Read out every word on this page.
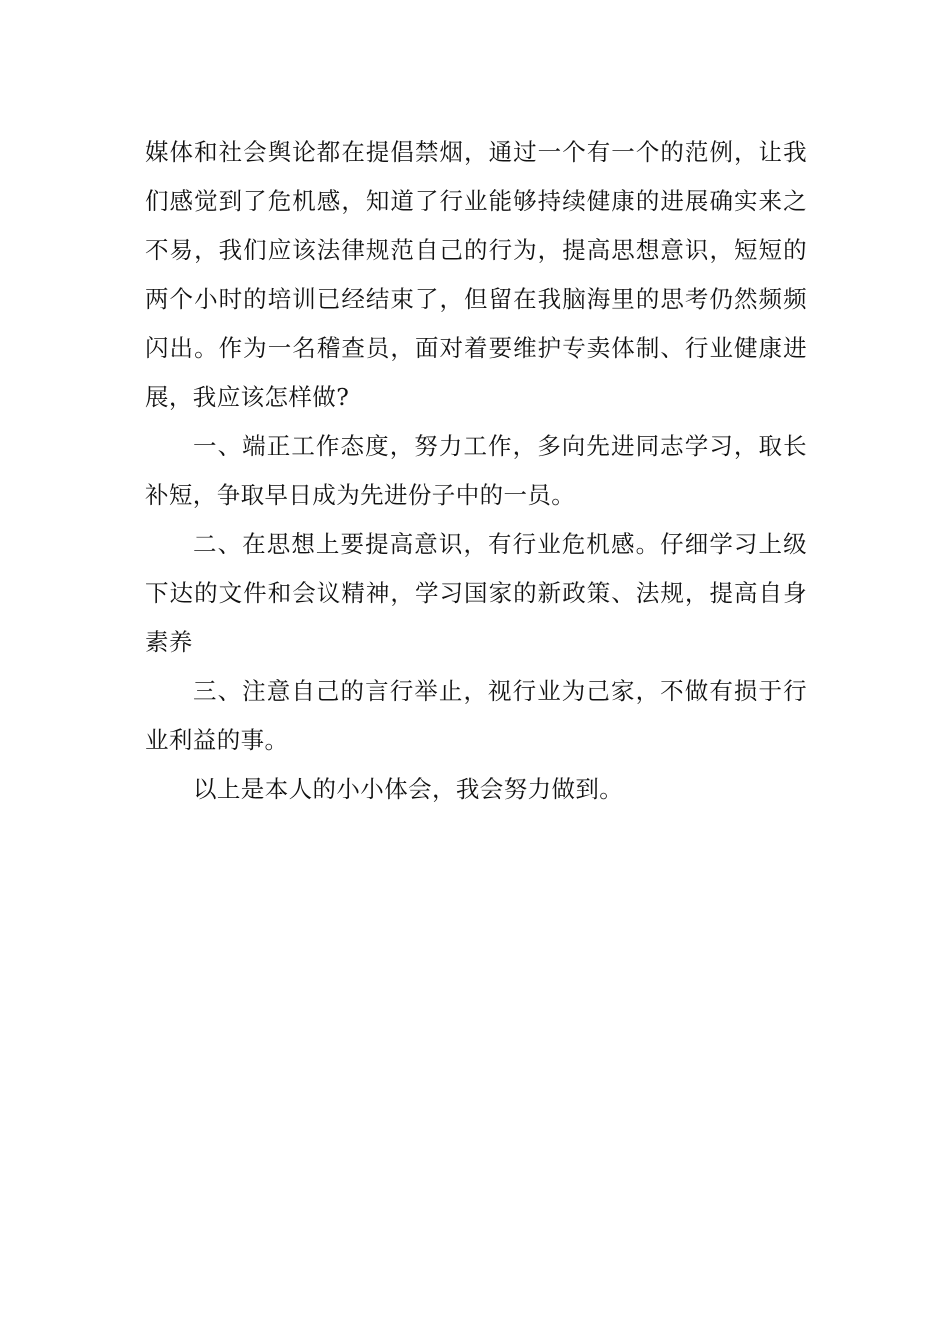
媒体和社会舆论都在提倡禁烟，通过一个有一个的范例，让我们感觉到了危机感，知道了行业能够持续健康的进展确实来之不易，我们应该法律规范自己的行为，提高思想意识，短短的两个小时的培训已经结束了，但留在我脑海里的思考仍然频频闪出。作为一名稽查员，面对着要维护专卖体制、行业健康进展，我应该怎样做?

一、端正工作态度，努力工作，多向先进同志学习，取长补短，争取早日成为先进份子中的一员。

二、在思想上要提高意识，有行业危机感。仔细学习上级下达的文件和会议精神，学习国家的新政策、法规，提高自身素养

三、注意自己的言行举止，视行业为己家，不做有损于行业利益的事。

以上是本人的小小体会，我会努力做到。
